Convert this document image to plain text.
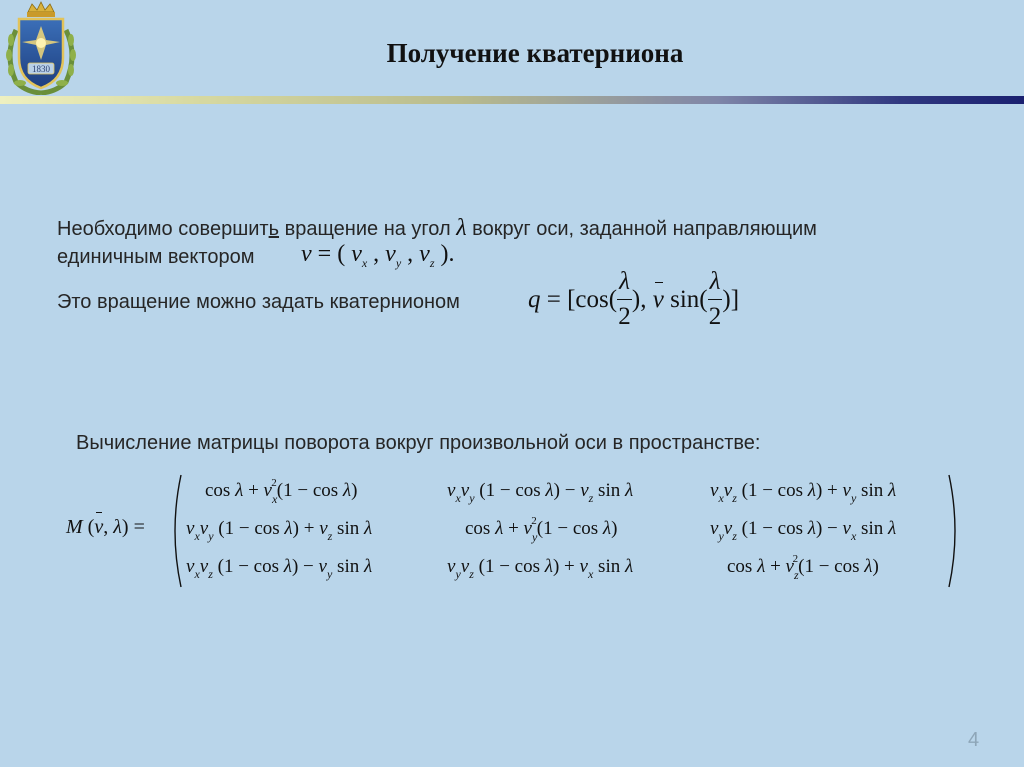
1830
Получение кватерниона
Необходимо совершить вращение на угол λ вокруг оси, заданной направляющим
единичным вектором v = ( $v_x$ , $v_y$ , $v_z$ ).
Это вращение можно задать кватернионом	$q = [\cos( \frac{\lambda}{2}$ ), v $\sin( \frac{\lambda}{2}$ )]
Вычисление матрицы поворота вокруг произвольной оси в пространстве:
M (v, λ) =
$\cos \lambda + v_x^2(1 - \cos \lambda)$	$v_xv_y$ $(1 - \cos \lambda) - v_z$ sin λ	$v_xv_z$ $(1 - \cos \lambda) + v_y$ sin λ
$v_xv_y$ $(1 - \cos \lambda) + v_z$ sin λ	$\cos \lambda + v_y^2(1 - \cos \lambda)$	$v_yv_z$ $(1 - \cos \lambda) - v_x$ sin λ
$v_xv_z$ $(1 - \cos \lambda) - v_y$ sin λ	$v_yv_z$ $(1 - \cos \lambda) + v_x$ sin λ	$\cos \lambda + v_z^2(1 - \cos \lambda)$
4
